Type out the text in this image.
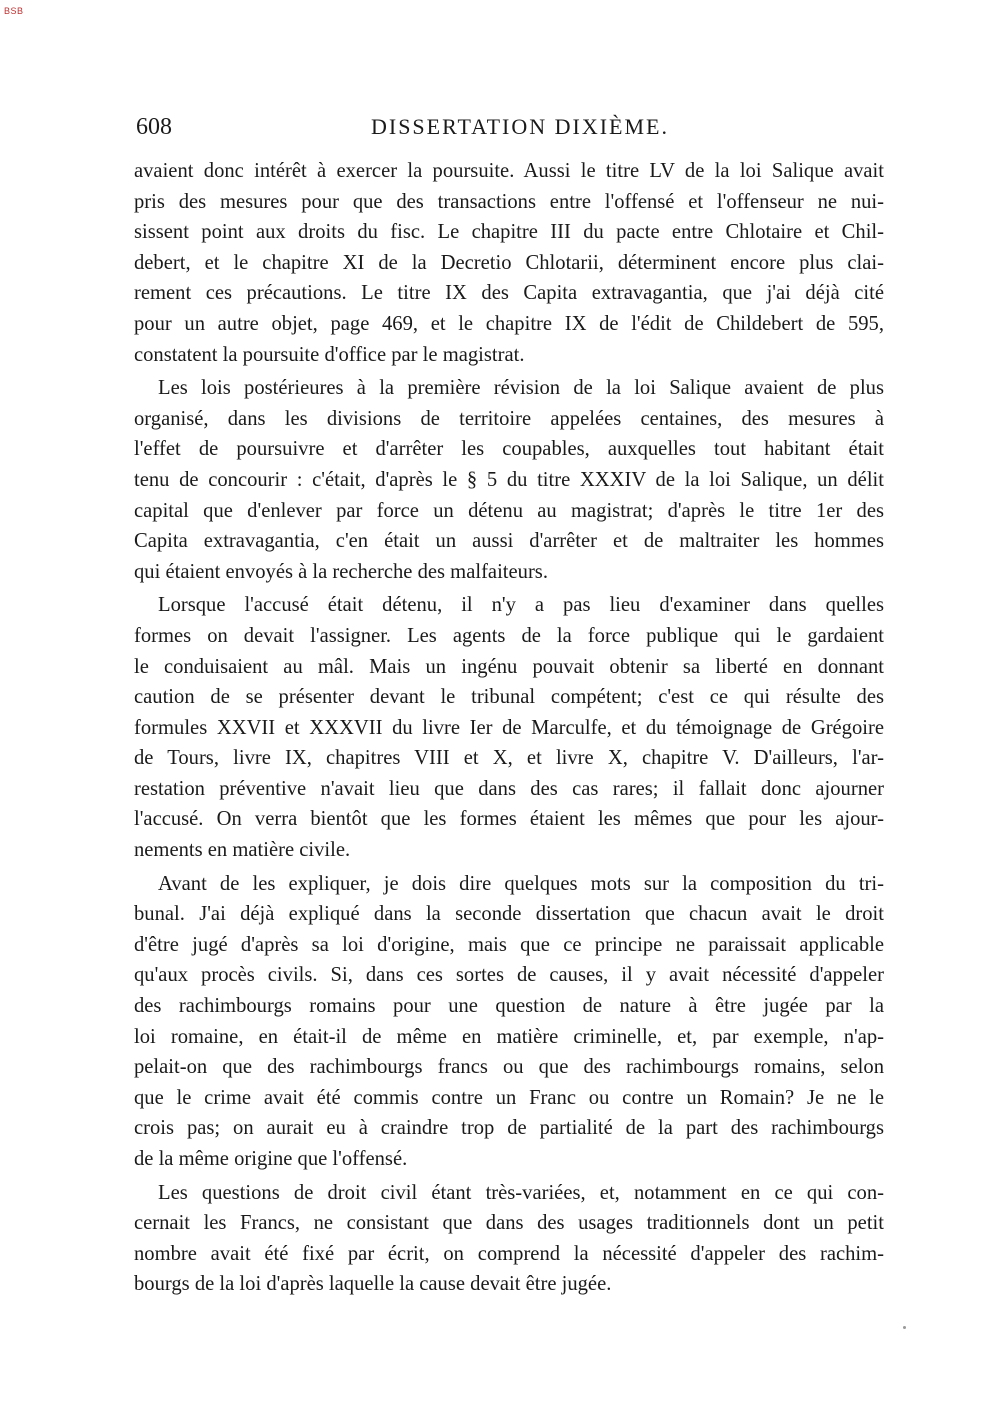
BSB
608	DISSERTATION DIXIÈME.

avaient donc intérêt à exercer la poursuite. Aussi le titre LV de la loi Salique avait
pris des mesures pour que des transactions entre l'offensé et l'offenseur ne nui-
sissent point aux droits du fisc. Le chapitre III du pacte entre Chlotaire et Chil-
debert, et le chapitre XI de la Decretio Chlotarii, déterminent encore plus clai-
rement ces précautions. Le titre IX des Capita extravagantia, que j'ai déjà cité
pour un autre objet, page 469, et le chapitre IX de l'édit de Childebert de 595,
constatent la poursuite d'office par le magistrat.

Les lois postérieures à la première révision de la loi Salique avaient de plus
organisé, dans les divisions de territoire appelées centaines, des mesures à
l'effet de poursuivre et d'arrêter les coupables, auxquelles tout habitant était
tenu de concourir : c'était, d'après le § 5 du titre XXXIV de la loi Salique, un délit
capital que d'enlever par force un détenu au magistrat; d'après le titre 1er des
Capita extravagantia, c'en était un aussi d'arrêter et de maltraiter les hommes
qui étaient envoyés à la recherche des malfaiteurs.

Lorsque l'accusé était détenu, il n'y a pas lieu d'examiner dans quelles
formes on devait l'assigner. Les agents de la force publique qui le gardaient
le conduisaient au mâl. Mais un ingénu pouvait obtenir sa liberté en donnant
caution de se présenter devant le tribunal compétent; c'est ce qui résulte des
formules XXVII et XXXVII du livre Ier de Marculfe, et du témoignage de Grégoire
de Tours, livre IX, chapitres VIII et X, et livre X, chapitre V. D'ailleurs, l'ar-
restation préventive n'avait lieu que dans des cas rares; il fallait donc ajourner
l'accusé. On verra bientôt que les formes étaient les mêmes que pour les ajour-
nements en matière civile.

Avant de les expliquer, je dois dire quelques mots sur la composition du tri-
bunal. J'ai déjà expliqué dans la seconde dissertation que chacun avait le droit
d'être jugé d'après sa loi d'origine, mais que ce principe ne paraissait applicable
qu'aux procès civils. Si, dans ces sortes de causes, il y avait nécessité d'appeler
des rachimbourgs romains pour une question de nature à être jugée par la
loi romaine, en était-il de même en matière criminelle, et, par exemple, n'ap-
pelait-on que des rachimbourgs francs ou que des rachimbourgs romains, selon
que le crime avait été commis contre un Franc ou contre un Romain? Je ne le
crois pas; on aurait eu à craindre trop de partialité de la part des rachimbourgs
de la même origine que l'offensé.

Les questions de droit civil étant très-variées, et, notamment en ce qui con-
cernait les Francs, ne consistant que dans des usages traditionnels dont un petit
nombre avait été fixé par écrit, on comprend la nécessité d'appeler des rachim-
bourgs de la loi d'après laquelle la cause devait être jugée.
